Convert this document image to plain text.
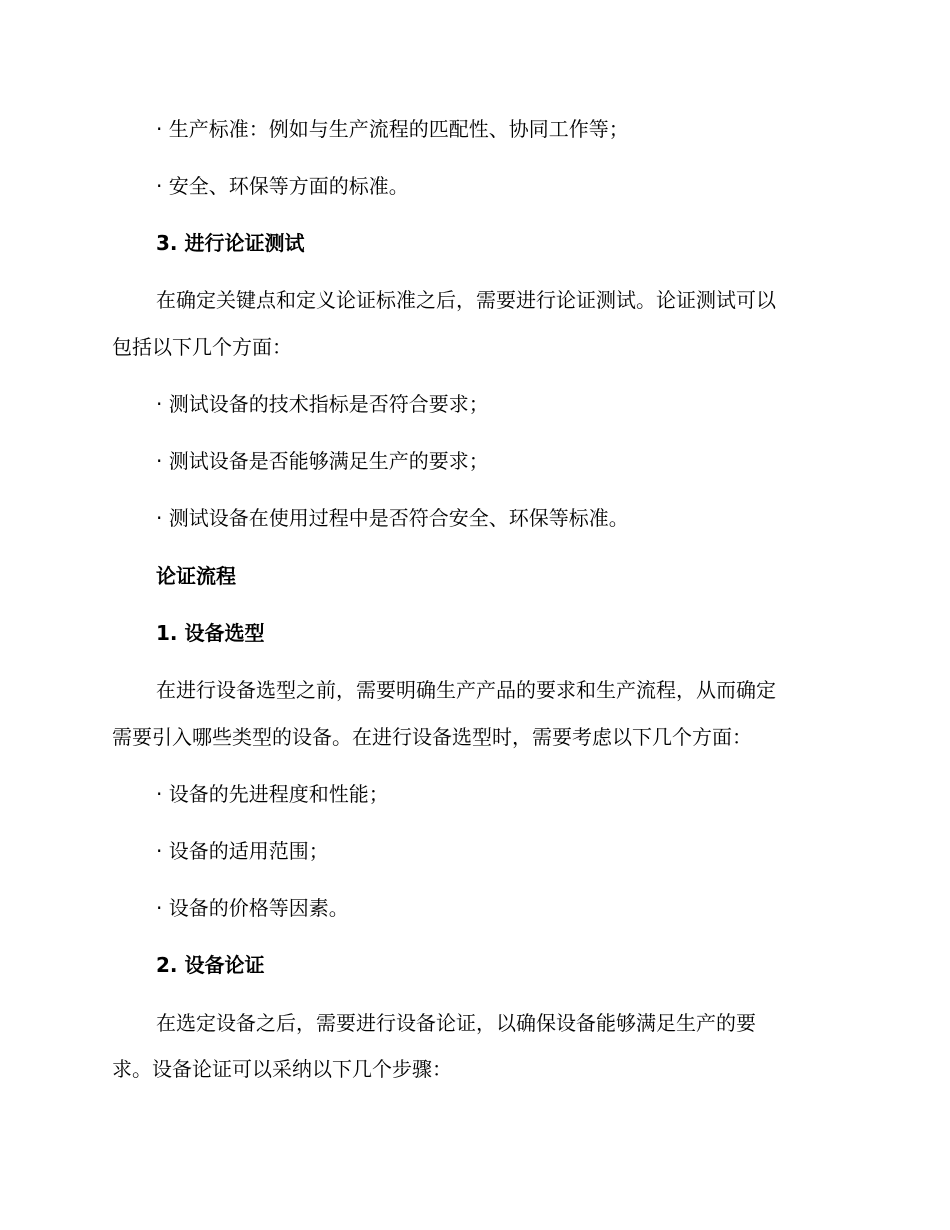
· 生产标准：例如与生产流程的匹配性、协同工作等；

· 安全、环保等方面的标准。

3. 进行论证测试

在确定关键点和定义论证标准之后，需要进行论证测试。论证测试可以

包括以下几个方面：

· 测试设备的技术指标是否符合要求；

· 测试设备是否能够满足生产的要求；

· 测试设备在使用过程中是否符合安全、环保等标准。

论证流程

1. 设备选型

在进行设备选型之前，需要明确生产产品的要求和生产流程，从而确定

需要引入哪些类型的设备。在进行设备选型时，需要考虑以下几个方面：

· 设备的先进程度和性能；

· 设备的适用范围；

· 设备的价格等因素。

2. 设备论证

在选定设备之后，需要进行设备论证，以确保设备能够满足生产的要

求。设备论证可以采纳以下几个步骤：
